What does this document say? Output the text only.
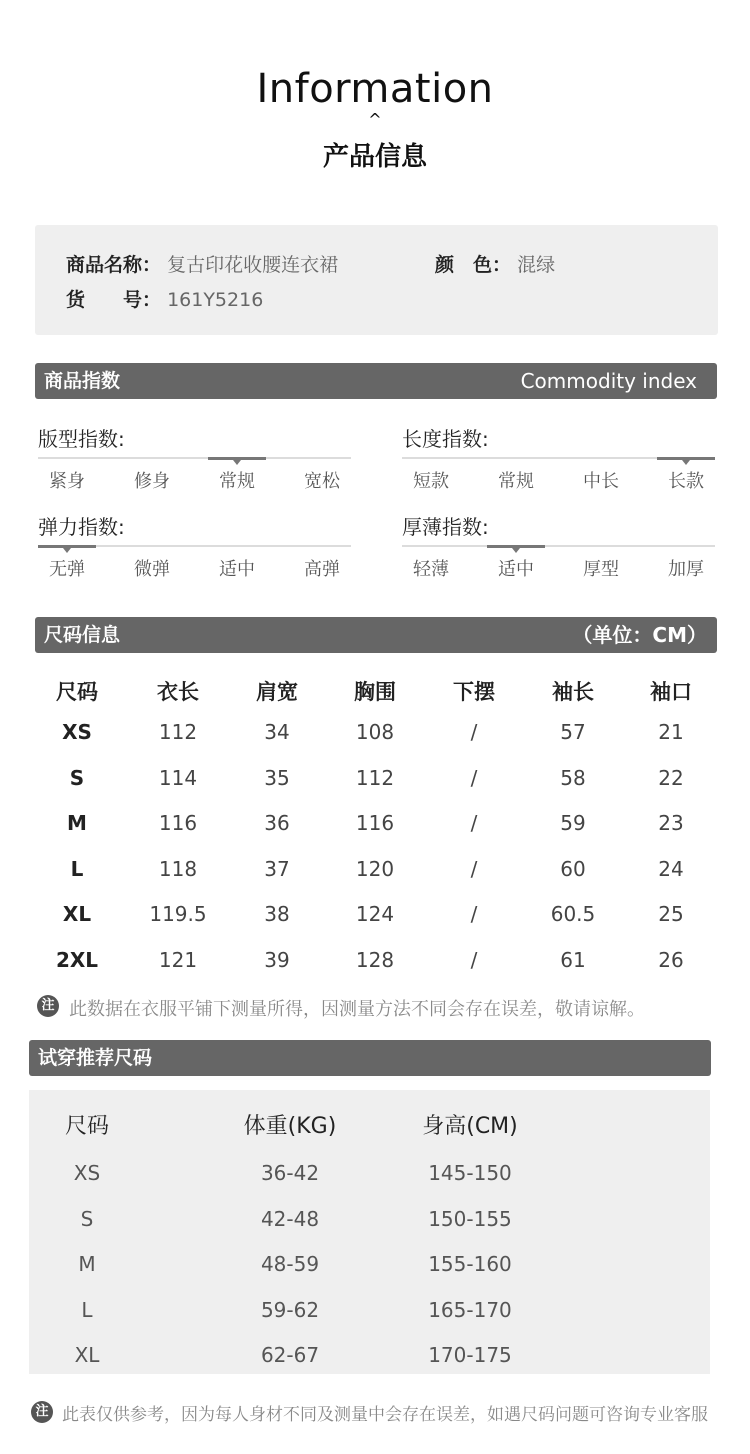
Information
^
产品信息
商品名称： 复古印花收腰连衣裙	颜　色： 混绿
货　　号： 161Y5216
商品指数	Commodity index
版型指数:
紧身	修身	常规	宽松
长度指数:
短款	常规	中长	长款
弹力指数:
无弹	微弹	适中	高弹
厚薄指数:
轻薄	适中	厚型	加厚
尺码信息	（单位：CM）
尺码	衣长	肩宽	胸围	下摆	袖长	袖口
XS	112	34	108	/	57	21
S	114	35	112	/	58	22
M	116	36	116	/	59	23
L	118	37	120	/	60	24
XL	119.5	38	124	/	60.5	25
2XL	121	39	128	/	61	26
注 此数据在衣服平铺下测量所得，因测量方法不同会存在误差，敬请谅解。
试穿推荐尺码
尺码	体重(KG)	身高(CM)
XS	36-42	145-150
S	42-48	150-155
M	48-59	155-160
L	59-62	165-170
XL	62-67	170-175
注 此表仅供参考，因为每人身材不同及测量中会存在误差，如遇尺码问题可咨询专业客服
